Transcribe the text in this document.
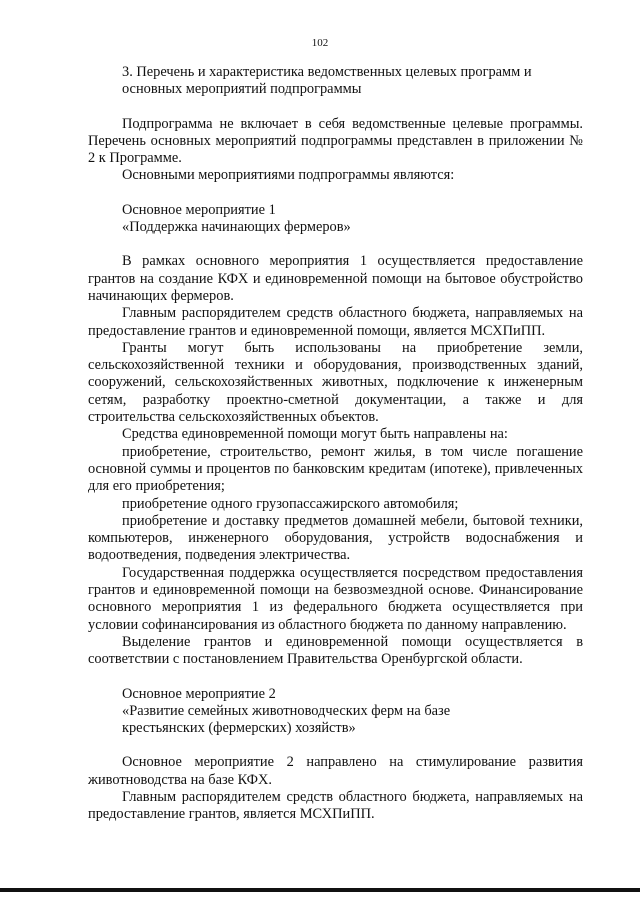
102

3. Перечень и характеристика ведомственных целевых программ и

основных мероприятий подпрограммы

Подпрограмма не включает в себя ведомственные целевые программы. Перечень основных мероприятий подпрограммы представлен в приложении № 2 к Программе.

Основными мероприятиями подпрограммы являются:

Основное мероприятие 1

«Поддержка начинающих фермеров»

В рамках основного мероприятия 1 осуществляется предоставление грантов на создание КФХ и единовременной помощи на бытовое обустройство начинающих фермеров.

Главным распорядителем средств областного бюджета, направляемых на предоставление грантов и единовременной помощи, является МСХПиПП.

Гранты могут быть использованы на приобретение земли, сельскохозяйственной техники и оборудования, производственных зданий, сооружений, сельскохозяйственных животных, подключение к инженерным сетям, разработку проектно-сметной документации, а также и для строительства сельскохозяйственных объектов.

Средства единовременной помощи могут быть направлены на:

приобретение, строительство, ремонт жилья, в том числе погашение основной суммы и процентов по банковским кредитам (ипотеке), привлеченных для его приобретения;

приобретение одного грузопассажирского автомобиля;

приобретение и доставку предметов домашней мебели, бытовой техники, компьютеров, инженерного оборудования, устройств водоснабжения и водоотведения, подведения электричества.

Государственная поддержка осуществляется посредством предоставления грантов и единовременной помощи на безвозмездной основе. Финансирование основного мероприятия 1 из федерального бюджета осуществляется при условии софинансирования из областного бюджета по данному направлению.

Выделение грантов и единовременной помощи осуществляется в соответствии с постановлением Правительства Оренбургской области.

Основное мероприятие 2

«Развитие семейных животноводческих ферм на базе

крестьянских (фермерских) хозяйств»

Основное мероприятие 2 направлено на стимулирование развития животноводства на базе КФХ.

Главным распорядителем средств областного бюджета, направляемых на предоставление грантов, является МСХПиПП.
